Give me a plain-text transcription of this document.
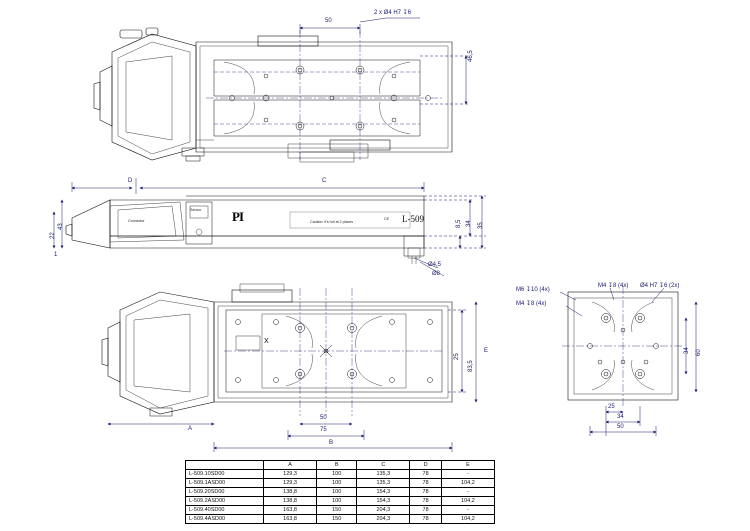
50
2 x Ø4 H7 ↧6
46,5
D	C
43
22
1
8,5 34 35
Ø4,5
Ø8
Connector
Sensor
Caution: it's hot at 2 places
CE
PI	L-509
A
50
75
B
25
83,5
E
X
M6 ↧10 (4x)
M4 ↧8 (4x) Ø4 H7 ↧6 (2x)
M4 ↧8 (4x)
34 60
25
34
50
	A	B	C	D	E
L-509.10SD00	129,3	100	135,3	78	-
L-509.1ASD00	129,3	100	135,3	78	104,2
L-509.20SD00	138,8	100	154,3	78	-
L-509.2ASD00	138,8	100	154,3	78	104,2
L-509.40SD00	163,8	150	204,3	78	-
L-509.4ASD00	163,8	150	204,3	78	104,2
